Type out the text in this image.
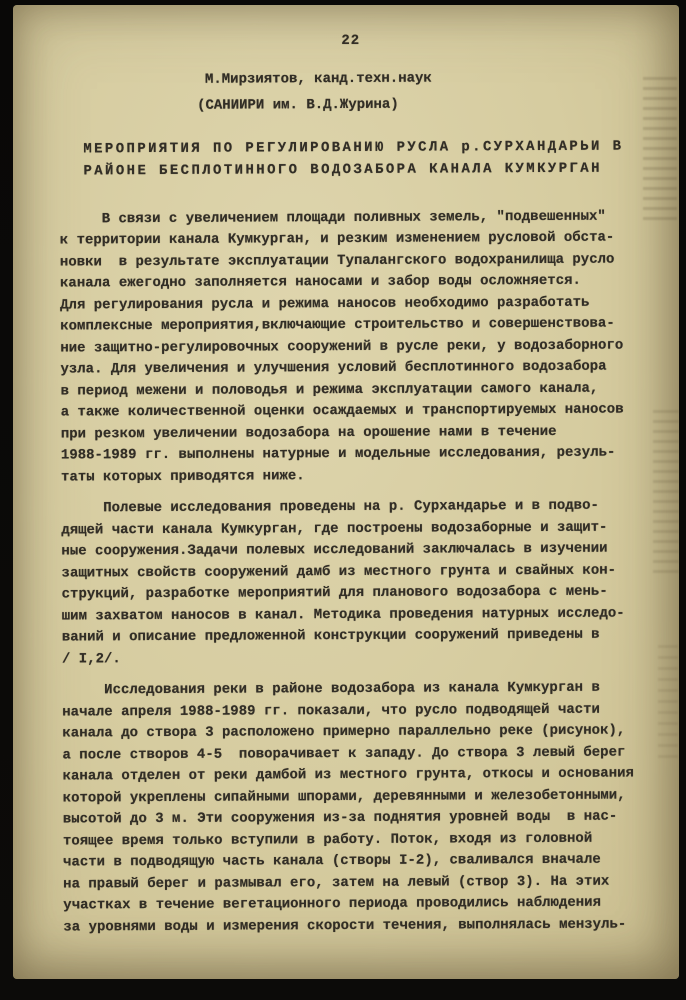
22
М.Мирзиятов, канд.техн.наук
(САНИИРИ им. В.Д.Журина)
МЕРОПРИЯТИЯ ПО РЕГУЛИРОВАНИЮ РУСЛА р.СУРХАНДАРЬИ В
РАЙОНЕ БЕСПЛОТИННОГО ВОДОЗАБОРА КАНАЛА КУМКУРГАН
В связи с увеличением площади поливных земель, "подвешенных"
к территории канала Кумкурган, и резким изменением русловой обста-
новки  в результате эксплуатации Тупалангского водохранилища русло
канала ежегодно заполняется наносами и забор воды осложняется.
Для регулирования русла и режима наносов необходимо разработать
комплексные мероприятия,включающие строительство и совершенствова-
ние защитно-регулировочных сооружений в русле реки, у водозаборного
узла. Для увеличения и улучшения условий бесплотинного водозабора
в период межени и половодья и режима эксплуатации самого канала,
а также количественной оценки осаждаемых и транспортируемых наносов
при резком увеличении водозабора на орошение нами в течение
1988-1989 гг. выполнены натурные и модельные исследования, резуль-
таты которых приводятся ниже.
Полевые исследования проведены на р. Сурхандарье и в подво-
дящей части канала Кумкурган, где построены водозаборные и защит-
ные сооружения.Задачи полевых исследований заключалась в изучении
защитных свойств сооружений дамб из местного грунта и свайных кон-
струкций, разработке мероприятий для планового водозабора с мень-
шим захватом наносов в канал. Методика проведения натурных исследо-
ваний и описание предложенной конструкции сооружений приведены в
/ I,2/.
Исследования реки в районе водозабора из канала Кумкурган в
начале апреля 1988-1989 гг. показали, что русло подводящей части
канала до створа 3 расположено примерно параллельно реке (рисунок),
а после створов 4-5  поворачивает к западу. До створа 3 левый берег
канала отделен от реки дамбой из местного грунта, откосы и основания
которой укреплены сипайными шпорами, деревянными и железобетонными,
высотой до 3 м. Эти сооружения из-за поднятия уровней воды  в нас-
тоящее время только вступили в работу. Поток, входя из головной
части в подводящую часть канала (створы I-2), сваливался вначале
на правый берег и размывал его, затем на левый (створ 3). На этих
участках в течение вегетационного периода проводились наблюдения
за уровнями воды и измерения скорости течения, выполнялась мензуль-
